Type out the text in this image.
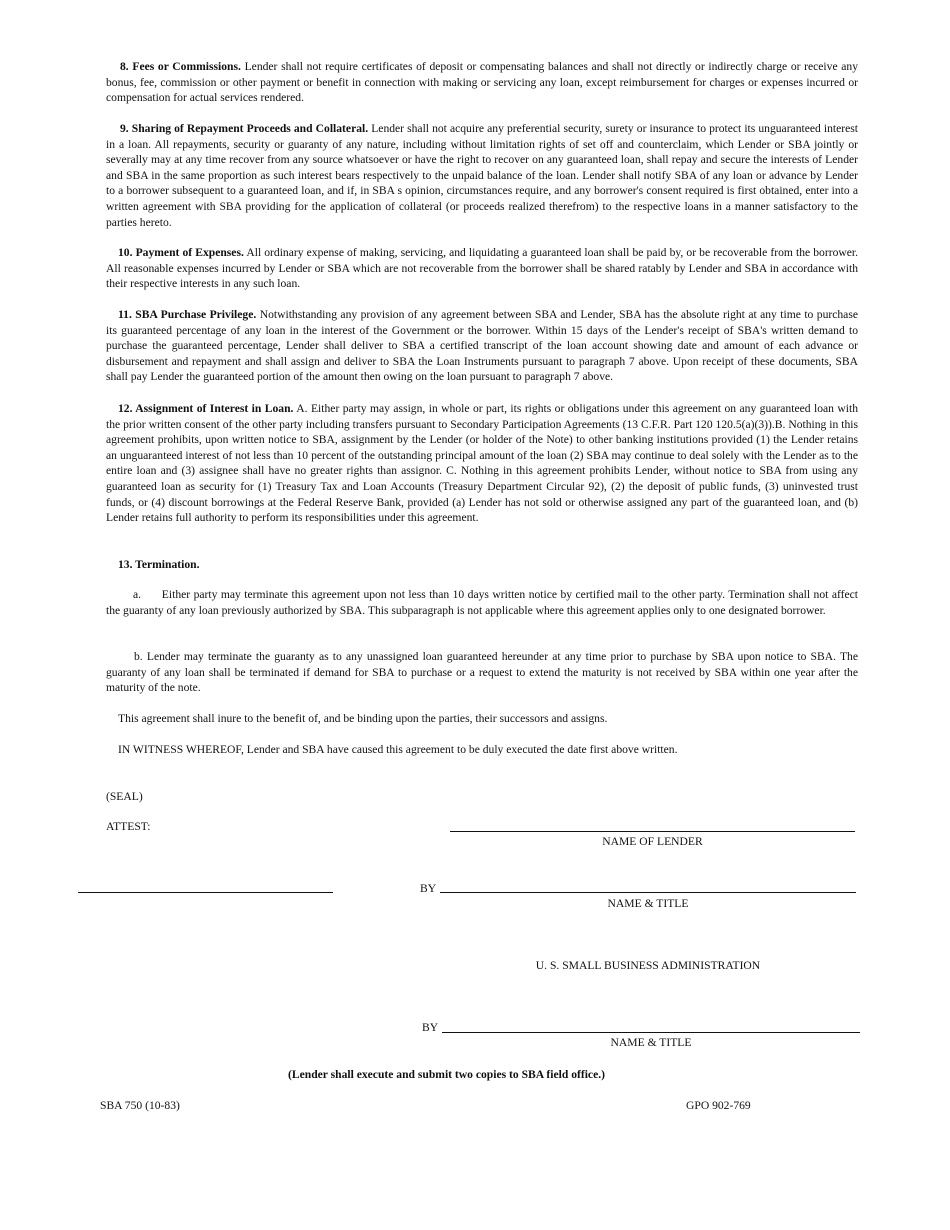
8. Fees or Commissions. Lender shall not require certificates of deposit or compensating balances and shall not directly or indirectly charge or receive any bonus, fee, commission or other payment or benefit in connection with making or servicing any loan, except reimbursement for charges or expenses incurred or compensation for actual services rendered.

9. Sharing of Repayment Proceeds and Collateral. Lender shall not acquire any preferential security, surety or insurance to protect its unguaranteed interest in a loan. All repayments, security or guaranty of any nature, including without limitation rights of set off and counterclaim, which Lender or SBA jointly or severally may at any time recover from any source whatsoever or have the right to recover on any guaranteed loan, shall repay and secure the interests of Lender and SBA in the same proportion as such interest bears respectively to the unpaid balance of the loan. Lender shall notify SBA of any loan or advance by Lender to a borrower subsequent to a guaranteed loan, and if, in SBA s opinion, circumstances require, and any borrower's consent required is first obtained, enter into a written agreement with SBA providing for the application of collateral (or proceeds realized therefrom) to the respective loans in a manner satisfactory to the parties hereto.

10. Payment of Expenses. All ordinary expense of making, servicing, and liquidating a guaranteed loan shall be paid by, or be recoverable from the borrower. All reasonable expenses incurred by Lender or SBA which are not recoverable from the borrower shall be shared ratably by Lender and SBA in accordance with their respective interests in any such loan.

11. SBA Purchase Privilege. Notwithstanding any provision of any agreement between SBA and Lender, SBA has the absolute right at any time to purchase its guaranteed percentage of any loan in the interest of the Government or the borrower. Within 15 days of the Lender's receipt of SBA's written demand to purchase the guaranteed percentage, Lender shall deliver to SBA a certified transcript of the loan account showing date and amount of each advance or disbursement and repayment and shall assign and deliver to SBA the Loan Instruments pursuant to paragraph 7 above. Upon receipt of these documents, SBA shall pay Lender the guaranteed portion of the amount then owing on the loan pursuant to paragraph 7 above.

12. Assignment of Interest in Loan. A. Either party may assign, in whole or part, its rights or obligations under this agreement on any guaranteed loan with the prior written consent of the other party including transfers pursuant to Secondary Participation Agreements (13 C.F.R. Part 120 120.5(a)(3)).B. Nothing in this agreement prohibits, upon written notice to SBA, assignment by the Lender (or holder of the Note) to other banking institutions provided (1) the Lender retains an unguaranteed interest of not less than 10 percent of the outstanding principal amount of the loan (2) SBA may continue to deal solely with the Lender as to the entire loan and (3) assignee shall have no greater rights than assignor. C. Nothing in this agreement prohibits Lender, without notice to SBA from using any guaranteed loan as security for (1) Treasury Tax and Loan Accounts (Treasury Department Circular 92), (2) the deposit of public funds, (3) uninvested trust funds, or (4) discount borrowings at the Federal Reserve Bank, provided (a) Lender has not sold or otherwise assigned any part of the guaranteed loan, and (b) Lender retains full authority to perform its responsibilities under this agreement.

13. Termination.

a. Either party may terminate this agreement upon not less than 10 days written notice by certified mail to the other party. Termination shall not affect the guaranty of any loan previously authorized by SBA. This subparagraph is not applicable where this agreement applies only to one designated borrower.

b. Lender may terminate the guaranty as to any unassigned loan guaranteed hereunder at any time prior to purchase by SBA upon notice to SBA. The guaranty of any loan shall be terminated if demand for SBA to purchase or a request to extend the maturity is not received by SBA within one year after the maturity of the note.

This agreement shall inure to the benefit of, and be binding upon the parties, their successors and assigns.

IN WITNESS WHEREOF, Lender and SBA have caused this agreement to be duly executed the date first above written.

(SEAL)

ATTEST:

NAME OF LENDER

BY

NAME & TITLE

U. S. SMALL BUSINESS ADMINISTRATION

BY

NAME & TITLE

(Lender shall execute and submit two copies to SBA field office.)

SBA 750 (10-83)	GPO 902-769
